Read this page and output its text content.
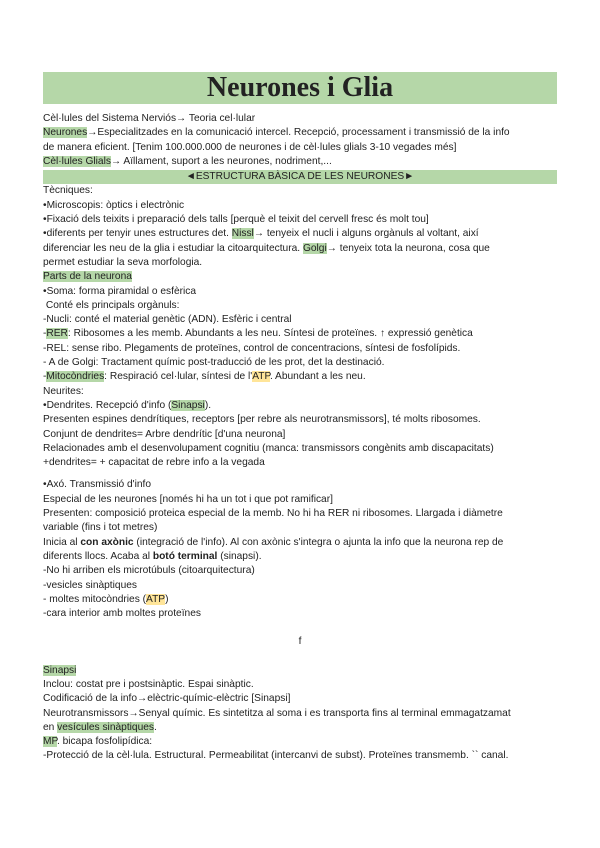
Neurones i Glia
Cèl·lules del Sistema Nerviós→ Teoria cel·lular
Neurones→Especialitzades en la comunicació intercel. Recepció, processament i transmissió de la info
de manera eficient. [Tenim 100.000.000 de neurones i de cèl·lules glials 3-10 vegades més]
Cèl·lules Glials→ Aïllament, suport a les neurones, nodriment,...
◄ESTRUCTURA BÀSICA DE LES NEURONES►
Tècniques:
•Microscopis: òptics i electrònic
•Fixació dels teixits i preparació dels talls [perquè el teixit del cervell fresc és molt tou]
•diferents per tenyir unes estructures det. Nissl→ tenyeix el nucli i alguns orgànuls al voltant, així
diferenciar les neu de la glia i estudiar la citoarquitectura. Golgi→ tenyeix tota la neurona, cosa que
permet estudiar la seva morfologia.
Parts de la neurona
•Soma: forma piramidal o esfèrica
Conté els principals orgànuls:
-Nucli: conté el material genètic (ADN). Esfèric i central
-RER: Ribosomes a les memb. Abundants a les neu. Síntesi de proteïnes. ↑ expressió genètica
-REL: sense ribo. Plegaments de proteïnes, control de concentracions, síntesi de fosfolípids.
- A de Golgi: Tractament químic post-traducció de les prot, det la destinació.
-Mitocòndries: Respiració cel·lular, síntesi de l'ATP. Abundant a les neu.
Neurites:
•Dendrites. Recepció d'info (Sinapsi).
Presenten espines dendrítiques, receptors [per rebre als neurotransmissors], té molts ribosomes.
Conjunt de dendrites= Arbre dendrític [d'una neurona]
Relacionades amb el desenvolupament cognitiu (manca: transmissors congènits amb discapacitats)
+dendrites= + capacitat de rebre info a la vegada
•Axó. Transmissió d'info
Especial de les neurones [només hi ha un tot i que pot ramificar]
Presenten: composició proteica especial de la memb. No hi ha RER ni ribosomes. Llargada i diàmetre
variable (fins i tot metres)
Inicia al con axònic (integració de l'info). Al con axònic s'integra o ajunta la info que la neurona rep de
diferents llocs. Acaba al botó terminal (sinapsi).
-No hi arriben els microtúbuls (citoarquitectura)
-vesicles sinàptiques
- moltes mitocòndries (ATP)
-cara interior amb moltes proteïnes
f
Sinapsi
Inclou: costat pre i postsinàptic. Espai sinàptic.
Codificació de la info→elèctric-químic-elèctric [Sinapsi]
Neurotransmissors→Senyal químic. Es sintetitza al soma i es transporta fins al terminal emmagatzamat
en vesícules sinàptiques.
MP. bicapa fosfolipídica:
-Protecció de la cèl·lula. Estructural. Permeabilitat (intercanvi de subst). Proteïnes transmemb. `` canal.
